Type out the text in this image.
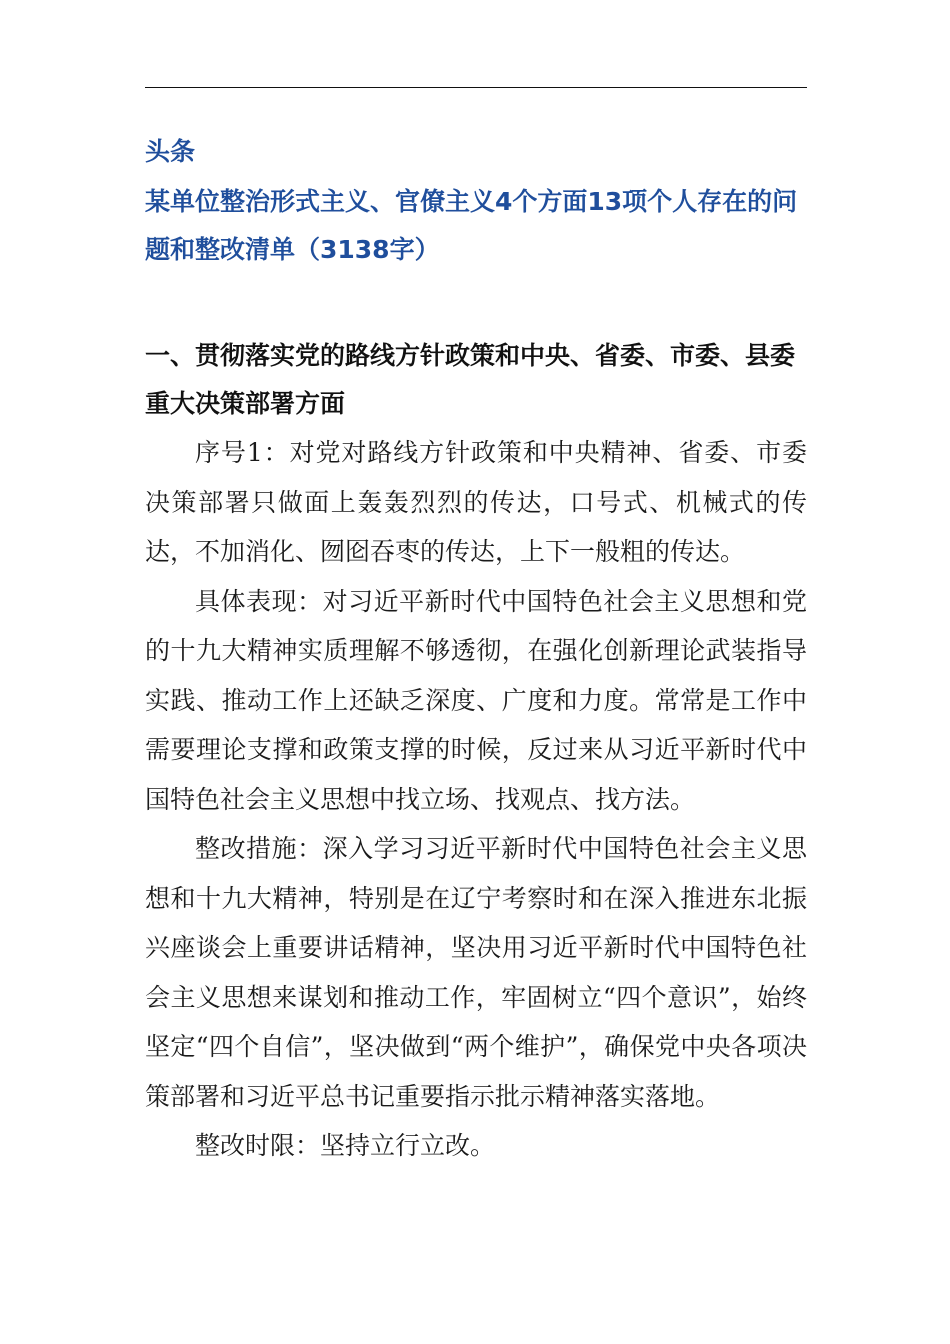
头条

某单位整治形式主义、官僚主义4个方面13项个人存在的问题和整改清单（3138字）

一、贯彻落实党的路线方针政策和中央、省委、市委、县委重大决策部署方面

序号1：对党对路线方针政策和中央精神、省委、市委决策部署只做面上轰轰烈烈的传达，口号式、机械式的传达，不加消化、囫囵吞枣的传达，上下一般粗的传达。

具体表现：对习近平新时代中国特色社会主义思想和党的十九大精神实质理解不够透彻，在强化创新理论武装指导实践、推动工作上还缺乏深度、广度和力度。常常是工作中需要理论支撑和政策支撑的时候，反过来从习近平新时代中国特色社会主义思想中找立场、找观点、找方法。

整改措施：深入学习习近平新时代中国特色社会主义思想和十九大精神，特别是在辽宁考察时和在深入推进东北振兴座谈会上重要讲话精神，坚决用习近平新时代中国特色社会主义思想来谋划和推动工作，牢固树立“四个意识”，始终坚定“四个自信”，坚决做到“两个维护”，确保党中央各项决策部署和习近平总书记重要指示批示精神落实落地。

整改时限：坚持立行立改。
